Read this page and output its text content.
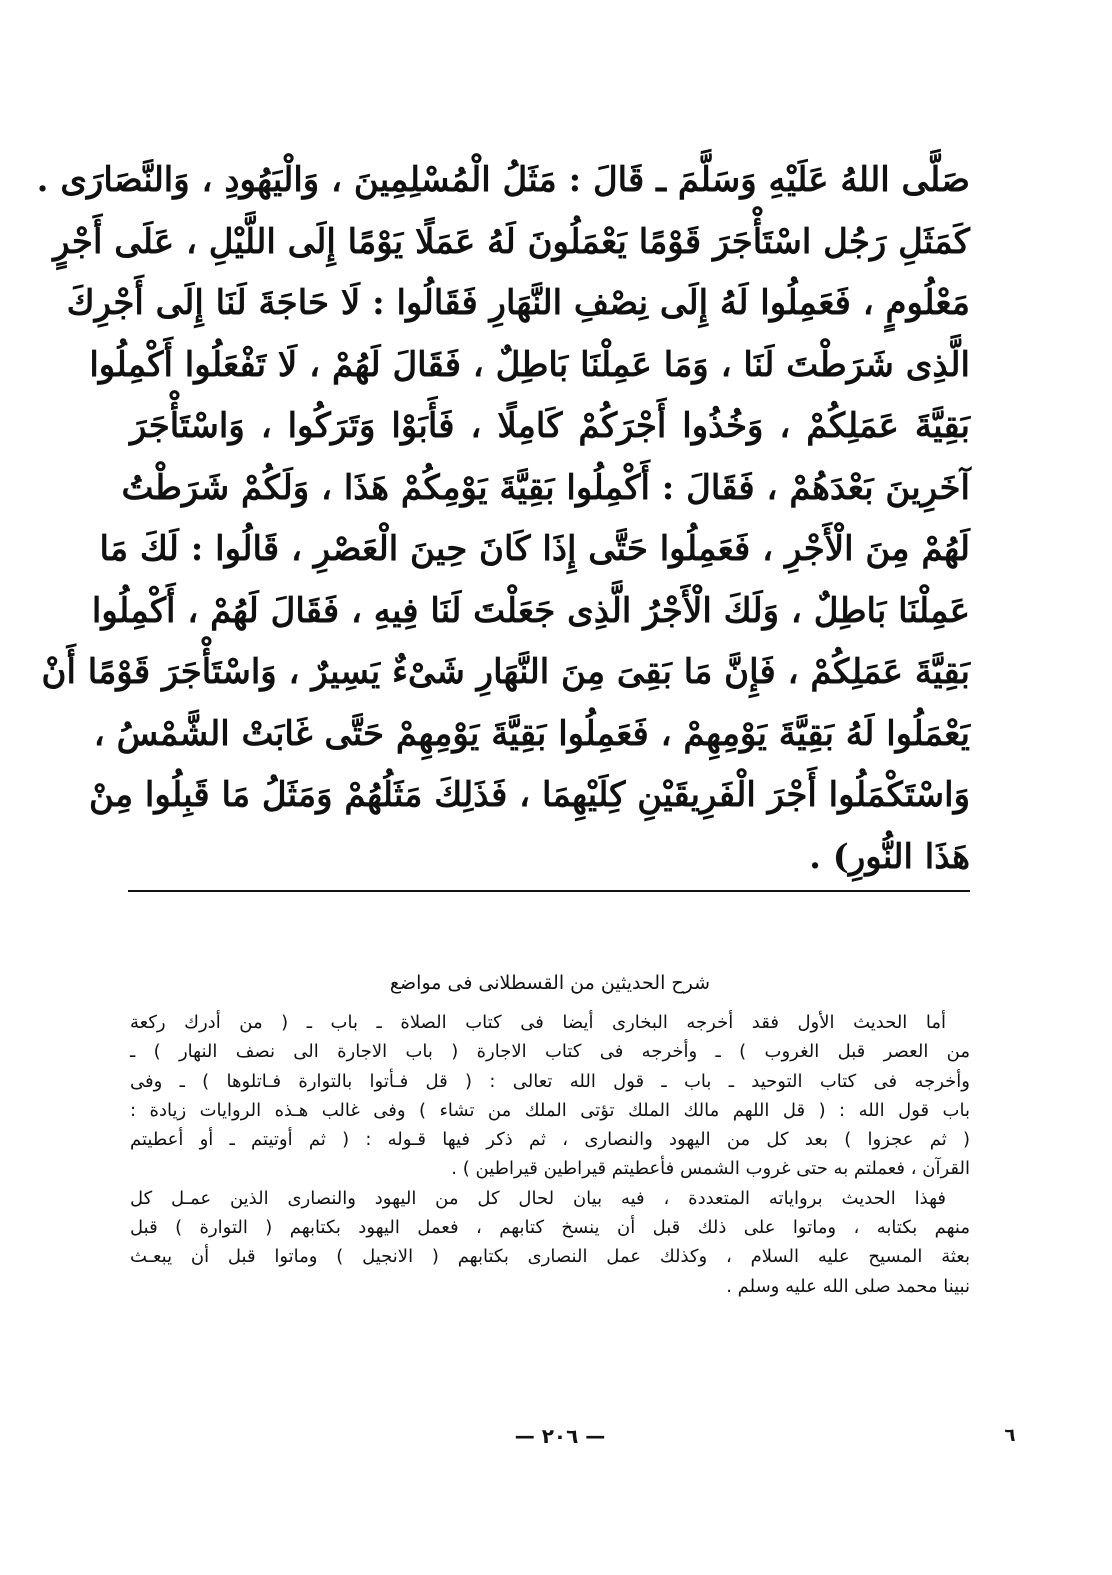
صَلَّى اللهُ عَلَيْهِ وَسَلَّمَ ـ قَالَ : مَثَلُ الْمُسْلِمِينَ ، وَالْيَهُودِ ، وَالنَّصَارَى .
كَمَثَلِ رَجُل اسْتَأْجَرَ قَوْمًا يَعْمَلُونَ لَهُ عَمَلًا يَوْمًا إِلَى اللَّيْلِ ، عَلَى أَجْرٍ
مَعْلُومٍ ، فَعَمِلُوا لَهُ إِلَى نِصْفِ النَّهَارِ فَقَالُوا : لَا حَاجَةَ لَنَا إِلَى أَجْرِكَ
الَّذِى شَرَطْتَ لَنَا ، وَمَا عَمِلْنَا بَاطِلٌ ، فَقَالَ لَهُمْ ، لَا تَفْعَلُوا أَكْمِلُوا
بَقِيَّةَ عَمَلِكُمْ ، وَخُذُوا أَجْرَكُمْ كَامِلًا ، فَأَبَوْا وَتَرَكُوا ، وَاسْتَأْجَرَ
آخَرِينَ بَعْدَهُمْ ، فَقَالَ : أَكْمِلُوا بَقِيَّةَ يَوْمِكُمْ هَذَا ، وَلَكُمْ شَرَطْتُ
لَهُمْ مِنَ الْأَجْرِ ، فَعَمِلُوا حَتَّى إِذَا كَانَ حِينَ الْعَصْرِ ، قَالُوا : لَكَ مَا
عَمِلْنَا بَاطِلٌ ، وَلَكَ الْأَجْرُ الَّذِى جَعَلْتَ لَنَا فِيهِ ، فَقَالَ لَهُمْ ، أَكْمِلُوا
بَقِيَّةَ عَمَلِكُمْ ، فَإِنَّ مَا بَقِىَ مِنَ النَّهَارِ شَىْءٌ يَسِيرٌ ، وَاسْتَأْجَرَ قَوْمًا أَنْ
يَعْمَلُوا لَهُ بَقِيَّةَ يَوْمِهِمْ ، فَعَمِلُوا بَقِيَّةَ يَوْمِهِمْ حَتَّى غَابَتْ الشَّمْسُ ،
وَاسْتَكْمَلُوا أَجْرَ الْفَرِيقَيْنِ كِلَيْهِمَا ، فَذَلِكَ مَثَلُهُمْ وَمَثَلُ مَا قَبِلُوا مِنْ
هَذَا النُّورِ) .
شرح الحديثين من القسطلانى فى مواضع
أما الحديث الأول فقد أخرجه البخارى أيضا فى كتاب الصلاة ـ باب ـ ( من أدرك ركعة
من العصر قبل الغروب ) ـ وأخرجه فى كتاب الاجارة ( باب الاجارة الى نصف النهار ) ـ
وأخرجه فى كتاب التوحيد ـ باب ـ قول الله تعالى : ( قل فـأتوا بالتوارة فـاتلوها ) ـ وفى
باب قول الله : ( قل اللهم مالك الملك تؤتى الملك من تشاء ) وفى غالب هـذه الروايات زيادة :
( ثم عجزوا ) بعد كل من اليهود والنصارى ، ثم ذكر فيها قـوله : ( ثم أوتيتم ـ أو أعطيتم
القرآن ، فعملتم به حتى غروب الشمس فأعطيتم قيراطين قيراطين ) .
فهذا الحديث برواياته المتعددة ، فيه بيان لحال كل من اليهود والنصارى الذين عمـل كل
منهم بكتابه ، وماتوا على ذلك قبل أن ينسخ كتابهم ، فعمل اليهود بكتابهم ( التوارة ) قبل
بعثة المسيح عليه السلام ، وكذلك عمل النصارى بكتابهم ( الانجيل ) وماتوا قبل أن يبعـث
نبينا محمد صلى الله عليه وسلم .
— ٢٠٦ —	٦
